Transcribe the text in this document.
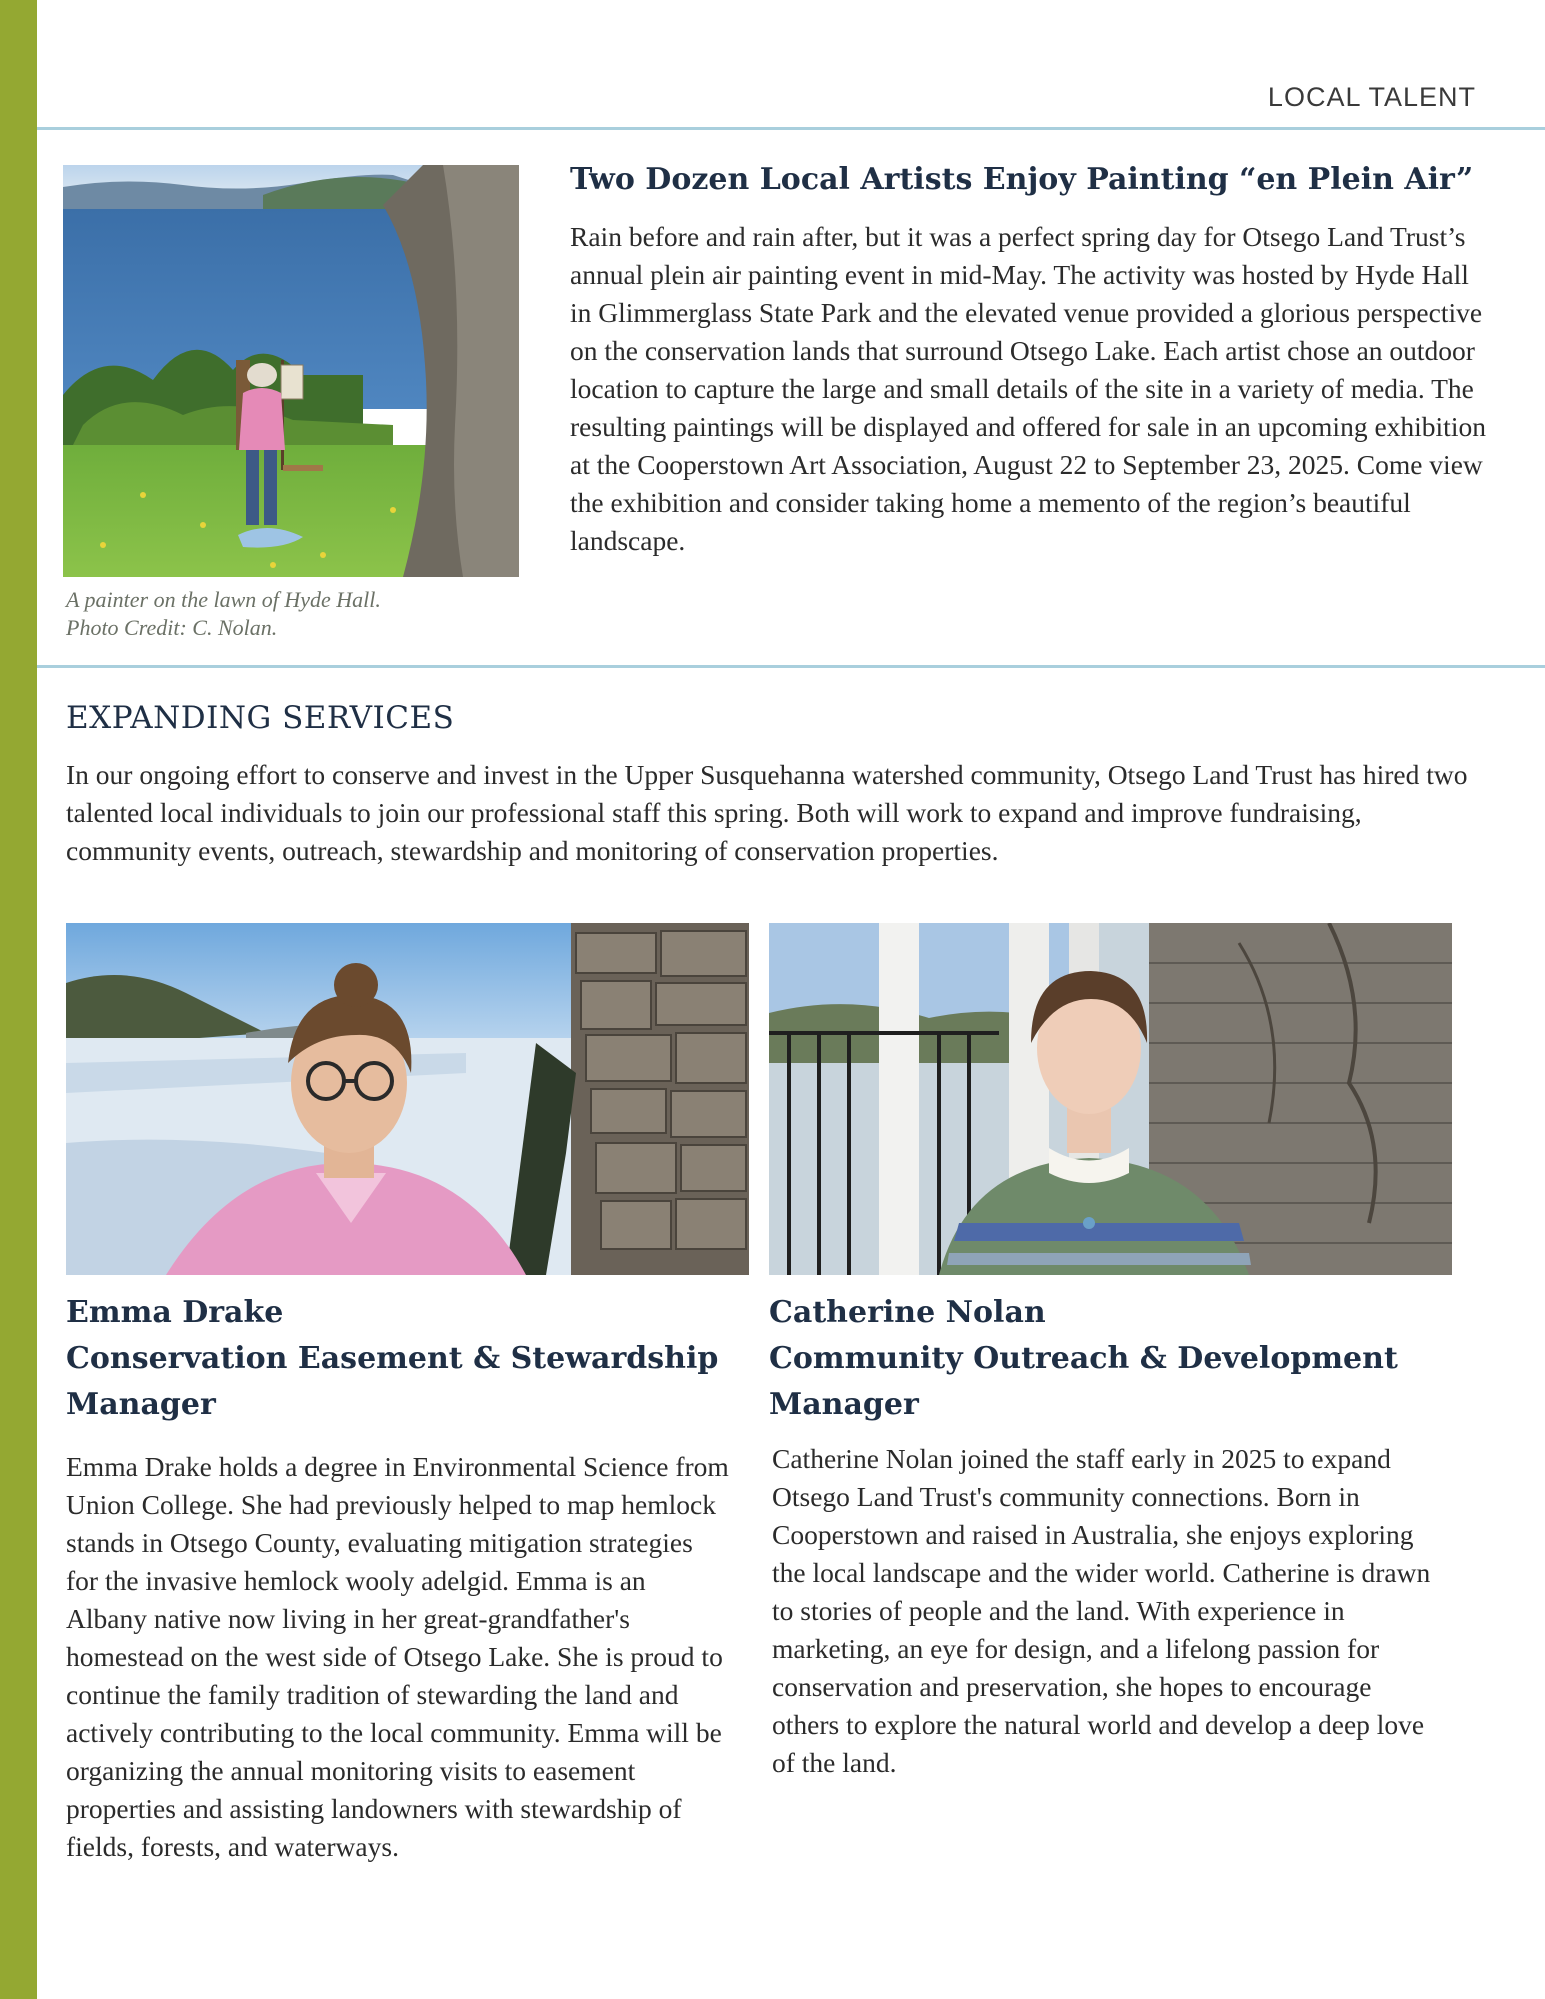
LOCAL TALENT
A painter on the lawn of Hyde Hall.
Photo Credit: C. Nolan.
Two Dozen Local Artists Enjoy Painting “en Plein Air”
Rain before and rain after, but it was a perfect spring day for Otsego Land Trust’s annual plein air painting event in mid-May. The activity was hosted by Hyde Hall in Glimmerglass State Park and the elevated venue provided a glorious perspective on the conservation lands that surround Otsego Lake. Each artist chose an outdoor location to capture the large and small details of the site in a variety of media. The resulting paintings will be displayed and offered for sale in an upcoming exhibition at the Cooperstown Art Association, August 22 to September 23, 2025. Come view the exhibition and consider taking home a memento of the region’s beautiful landscape.
EXPANDING SERVICES
In our ongoing effort to conserve and invest in the Upper Susquehanna watershed community, Otsego Land Trust has hired two talented local individuals to join our professional staff this spring. Both will work to expand and improve fundraising, community events, outreach, stewardship and monitoring of conservation properties.
Emma Drake
Conservation Easement & Stewardship
Manager
Emma Drake holds a degree in Environmental Science from Union College. She had previously helped to map hemlock stands in Otsego County, evaluating mitigation strategies for the invasive hemlock wooly adelgid. Emma is an Albany native now living in her great-grandfather's homestead on the west side of Otsego Lake. She is proud to continue the family tradition of stewarding the land and actively contributing to the local community. Emma will be organizing the annual monitoring visits to easement properties and assisting landowners with stewardship of fields, forests, and waterways.
Catherine Nolan
Community Outreach & Development
Manager
Catherine Nolan joined the staff early in 2025 to expand Otsego Land Trust's community connections. Born in Cooperstown and raised in Australia, she enjoys exploring the local landscape and the wider world. Catherine is drawn to stories of people and the land. With experience in marketing, an eye for design, and a lifelong passion for conservation and preservation, she hopes to encourage others to explore the natural world and develop a deep love of the land.
